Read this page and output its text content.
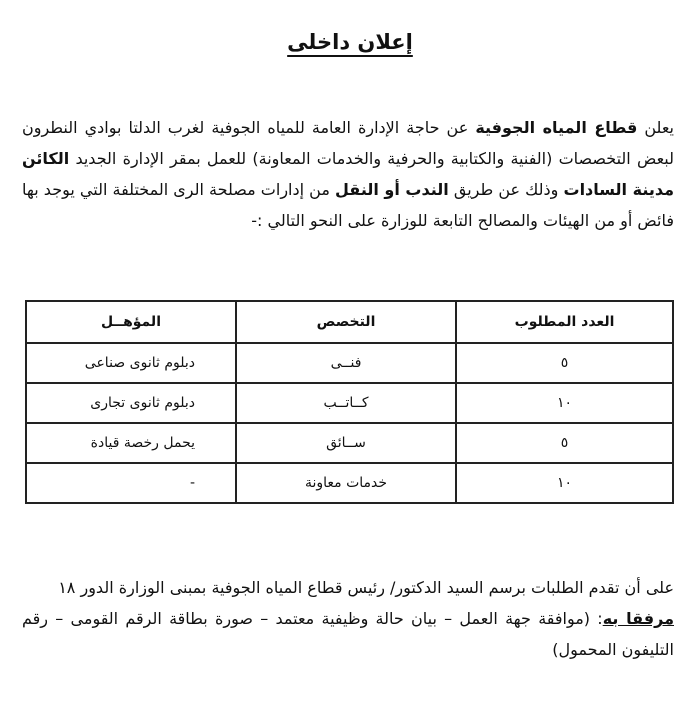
إعلان داخلى
يعلن قطاع المياه الجوفية عن حاجة الإدارة العامة للمياه الجوفية لغرب الدلتا بوادي النطرون لبعض التخصصات (الفنية والكتابية والحرفية والخدمات المعاونة) للعمل بمقر الإدارة الجديد الكائن مدينة السادات وذلك عن طريق الندب أو النقل من إدارات مصلحة الرى المختلفة التي يوجد بها فائض أو من الهيئات والمصالح التابعة للوزارة على النحو التالي :-
العدد المطلوب	التخصص	المؤهــل
٥	فنــى	دبلوم ثانوى صناعى
١٠	كــاتــب	دبلوم ثانوى تجارى
٥	ســائق	يحمل رخصة قيادة
١٠	خدمات معاونة	-
على أن تقدم الطلبات برسم السيد الدكتور/ رئيس قطاع المياه الجوفية بمبنى الوزارة الدور ١٨
مرفقا به: (موافقة جهة العمل – بيان حالة وظيفية معتمد – صورة بطاقة الرقم القومى – رقم التليفون المحمول)
